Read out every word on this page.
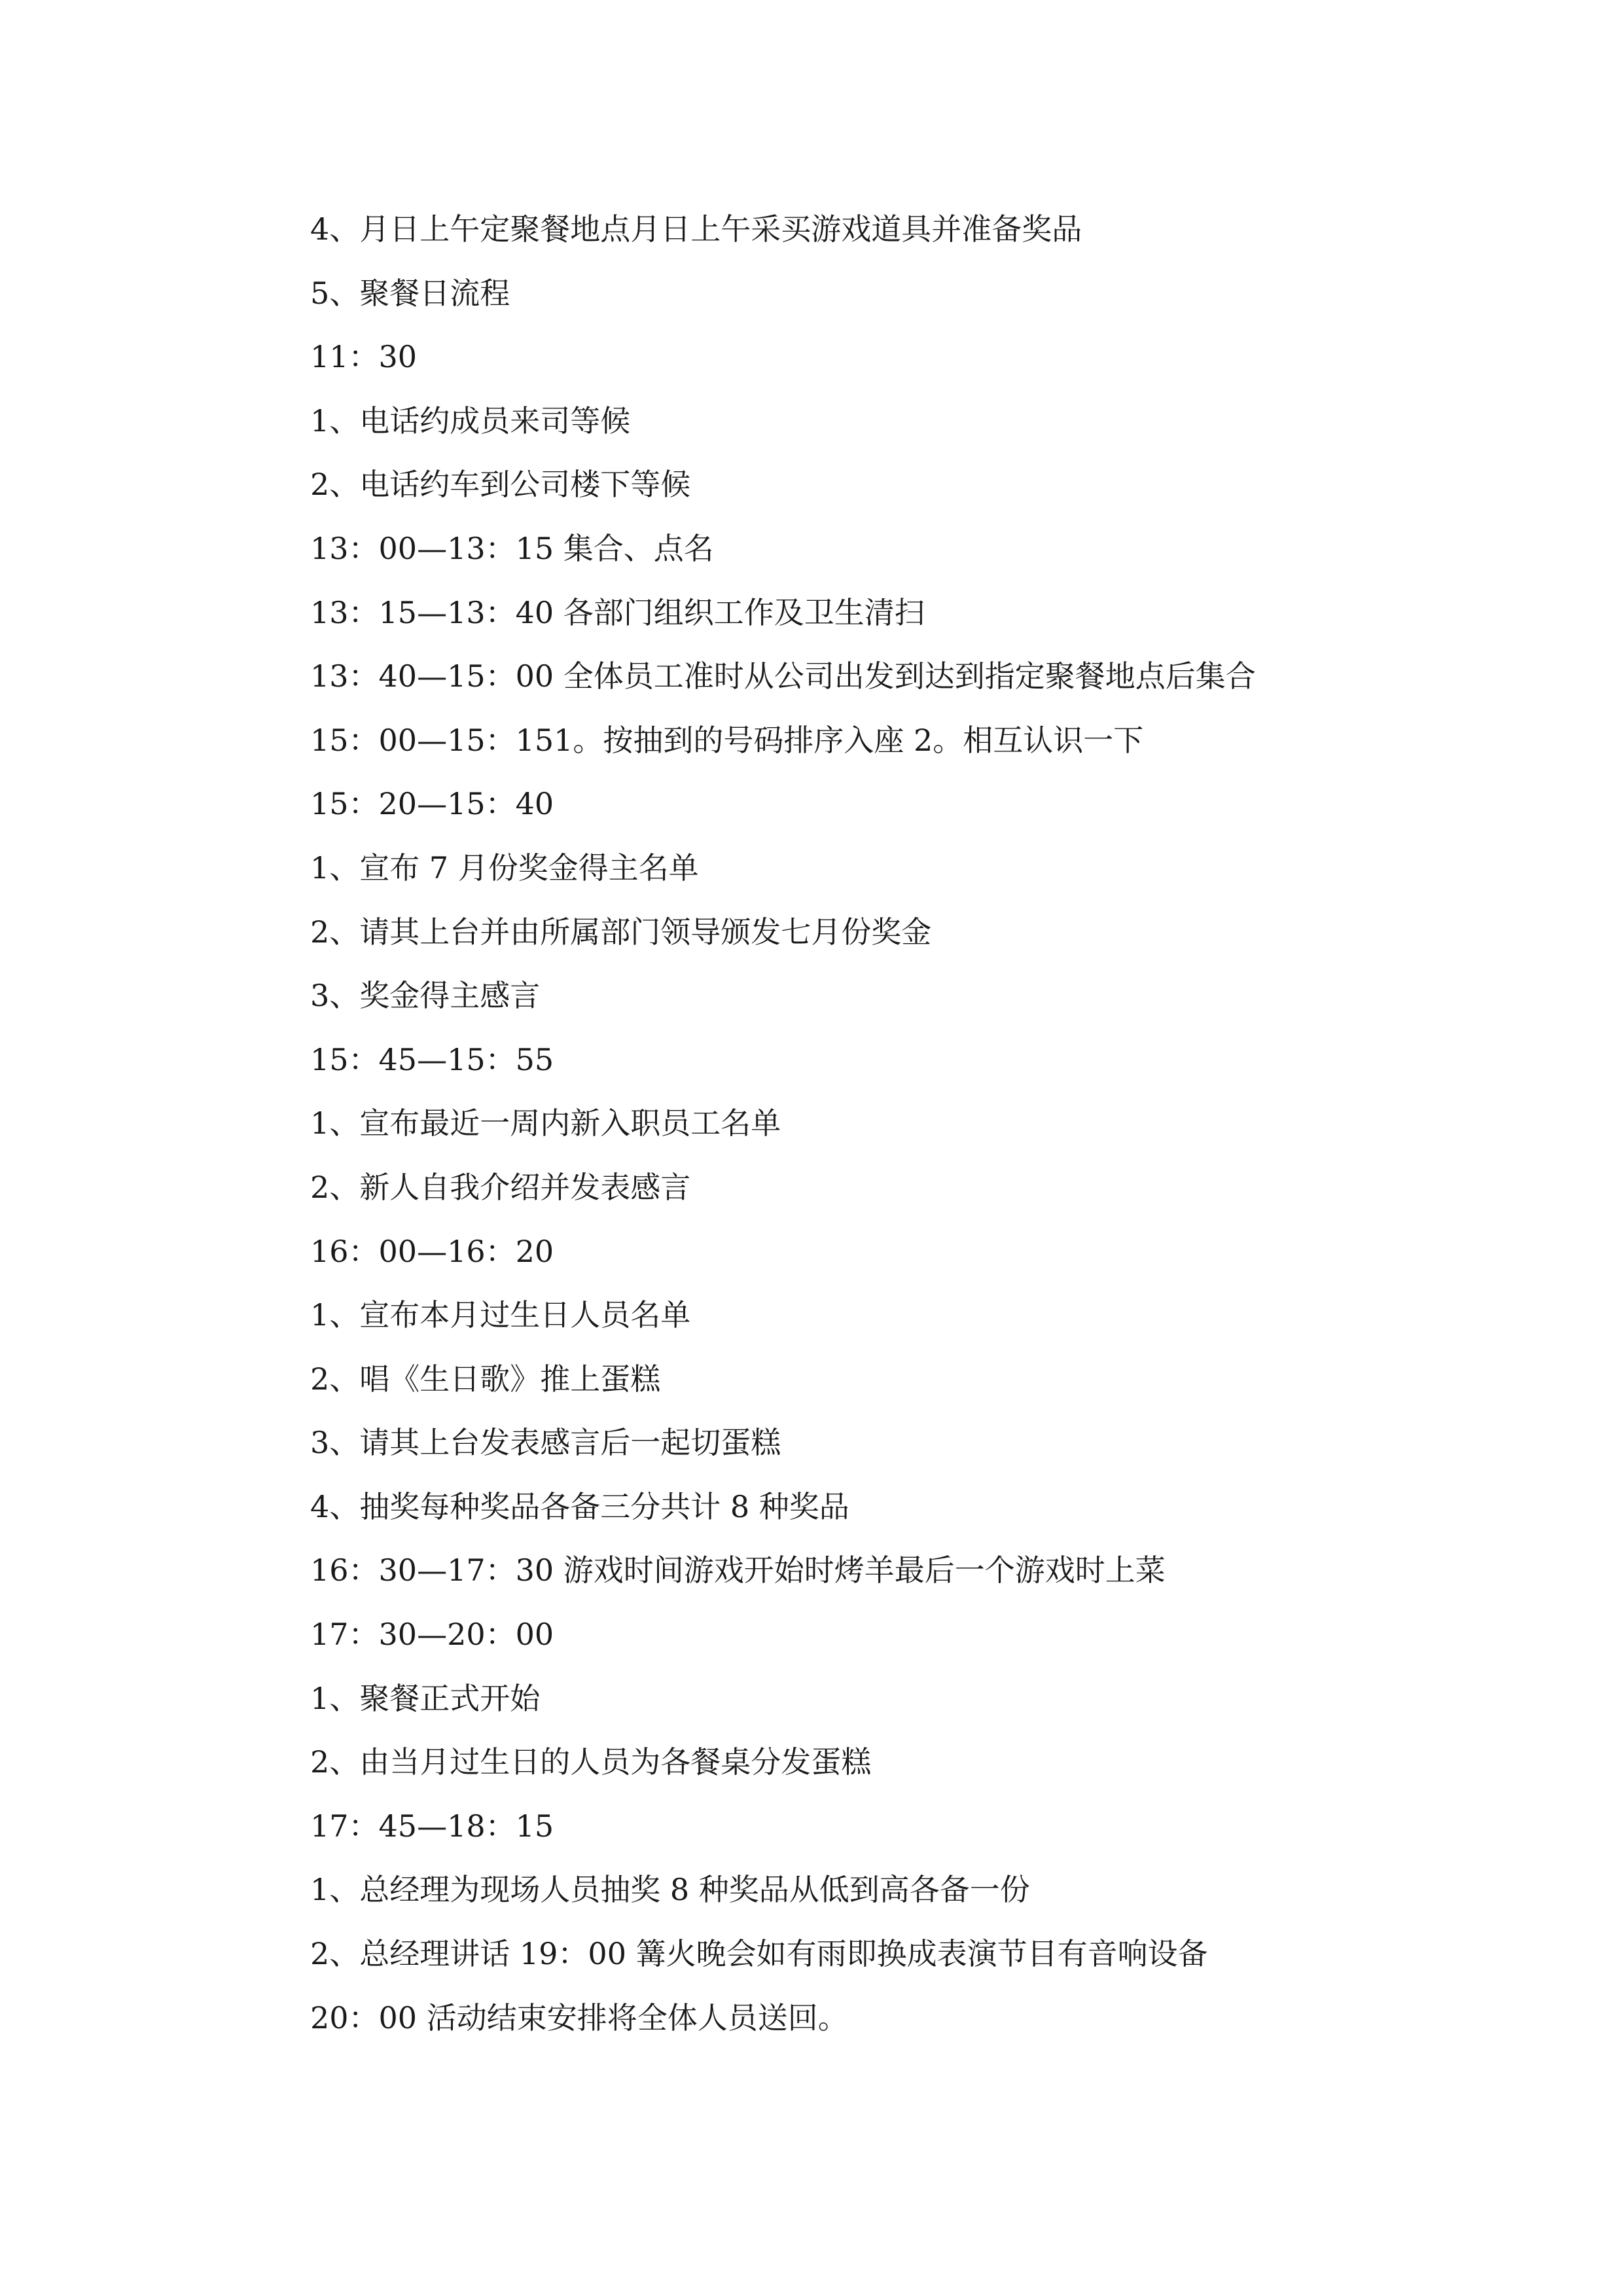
4、月日上午定聚餐地点月日上午采买游戏道具并准备奖品
5、聚餐日流程
11：30
1、电话约成员来司等候
2、电话约车到公司楼下等候
13：00—13：15 集合、点名
13：15—13：40 各部门组织工作及卫生清扫
13：40—15：00 全体员工准时从公司出发到达到指定聚餐地点后集合
15：00—15：151。按抽到的号码排序入座 2。相互认识一下
15：20—15：40
1、宣布 7 月份奖金得主名单
2、请其上台并由所属部门领导颁发七月份奖金
3、奖金得主感言
15：45—15：55
1、宣布最近一周内新入职员工名单
2、新人自我介绍并发表感言
16：00—16：20
1、宣布本月过生日人员名单
2、唱《生日歌》推上蛋糕
3、请其上台发表感言后一起切蛋糕
4、抽奖每种奖品各备三分共计 8 种奖品
16：30—17：30 游戏时间游戏开始时烤羊最后一个游戏时上菜
17：30—20：00
1、聚餐正式开始
2、由当月过生日的人员为各餐桌分发蛋糕
17：45—18：15
1、总经理为现场人员抽奖 8 种奖品从低到高各备一份
2、总经理讲话 19：00 篝火晚会如有雨即换成表演节目有音响设备
20：00 活动结束安排将全体人员送回。
